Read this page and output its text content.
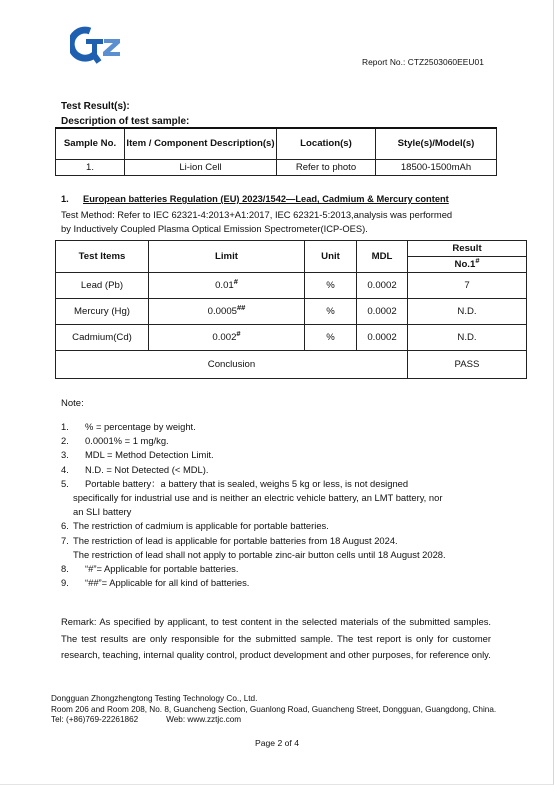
Report No.: CTZ2503060EEU01
Test Result(s):
Description of test sample:
Sample No.	Item / Component Description(s)	Location(s)	Style(s)/Model(s)
1.	Li-ion Cell	Refer to photo	18500-1500mAh
1. European batteries Regulation (EU) 2023/1542—Lead, Cadmium & Mercury content
Test Method: Refer to IEC 62321-4:2013+A1:2017, IEC 62321-5:2013,analysis was performed
by Inductively Coupled Plasma Optical Emission Spectrometer(ICP-OES).
Test Items	Limit	Unit	MDL	Result
No.1#

Lead (Pb)	0.01#	%	0.0002	7
Mercury (Hg)	0.0005##	%	0.0002	N.D.
Cadmium(Cd)	0.002#	%	0.0002	N.D.
Conclusion				PASS
Note:
1. % = percentage by weight.
2. 0.0001% = 1 mg/kg.
3. MDL = Method Detection Limit.
4. N.D. = Not Detected (< MDL).
5. Portable battery：a battery that is sealed, weighs 5 kg or less, is not designed
specifically for industrial use and is neither an electric vehicle battery, an LMT battery, nor
an SLI battery
6. The restriction of cadmium is applicable for portable batteries.
7. The restriction of lead is applicable for portable batteries from 18 August 2024.
The restriction of lead shall not apply to portable zinc-air button cells until 18 August 2028.
8. “#”= Applicable for portable batteries.
9. “##”= Applicable for all kind of batteries.
Remark: As specified by applicant, to test content in the selected materials of the submitted samples. The test results are only responsible for the submitted sample. The test report is only for customer research, teaching, internal quality control, product development and other purposes, for reference only.
Dongguan Zhongzhengtong Testing Technology Co., Ltd.
Room 206 and Room 208, No. 8, Guancheng Section, Guanlong Road, Guancheng Street, Dongguan, Guangdong, China.
Tel: (+86)769-22261862	Web: www.zztjc.com
Page 2 of 4
